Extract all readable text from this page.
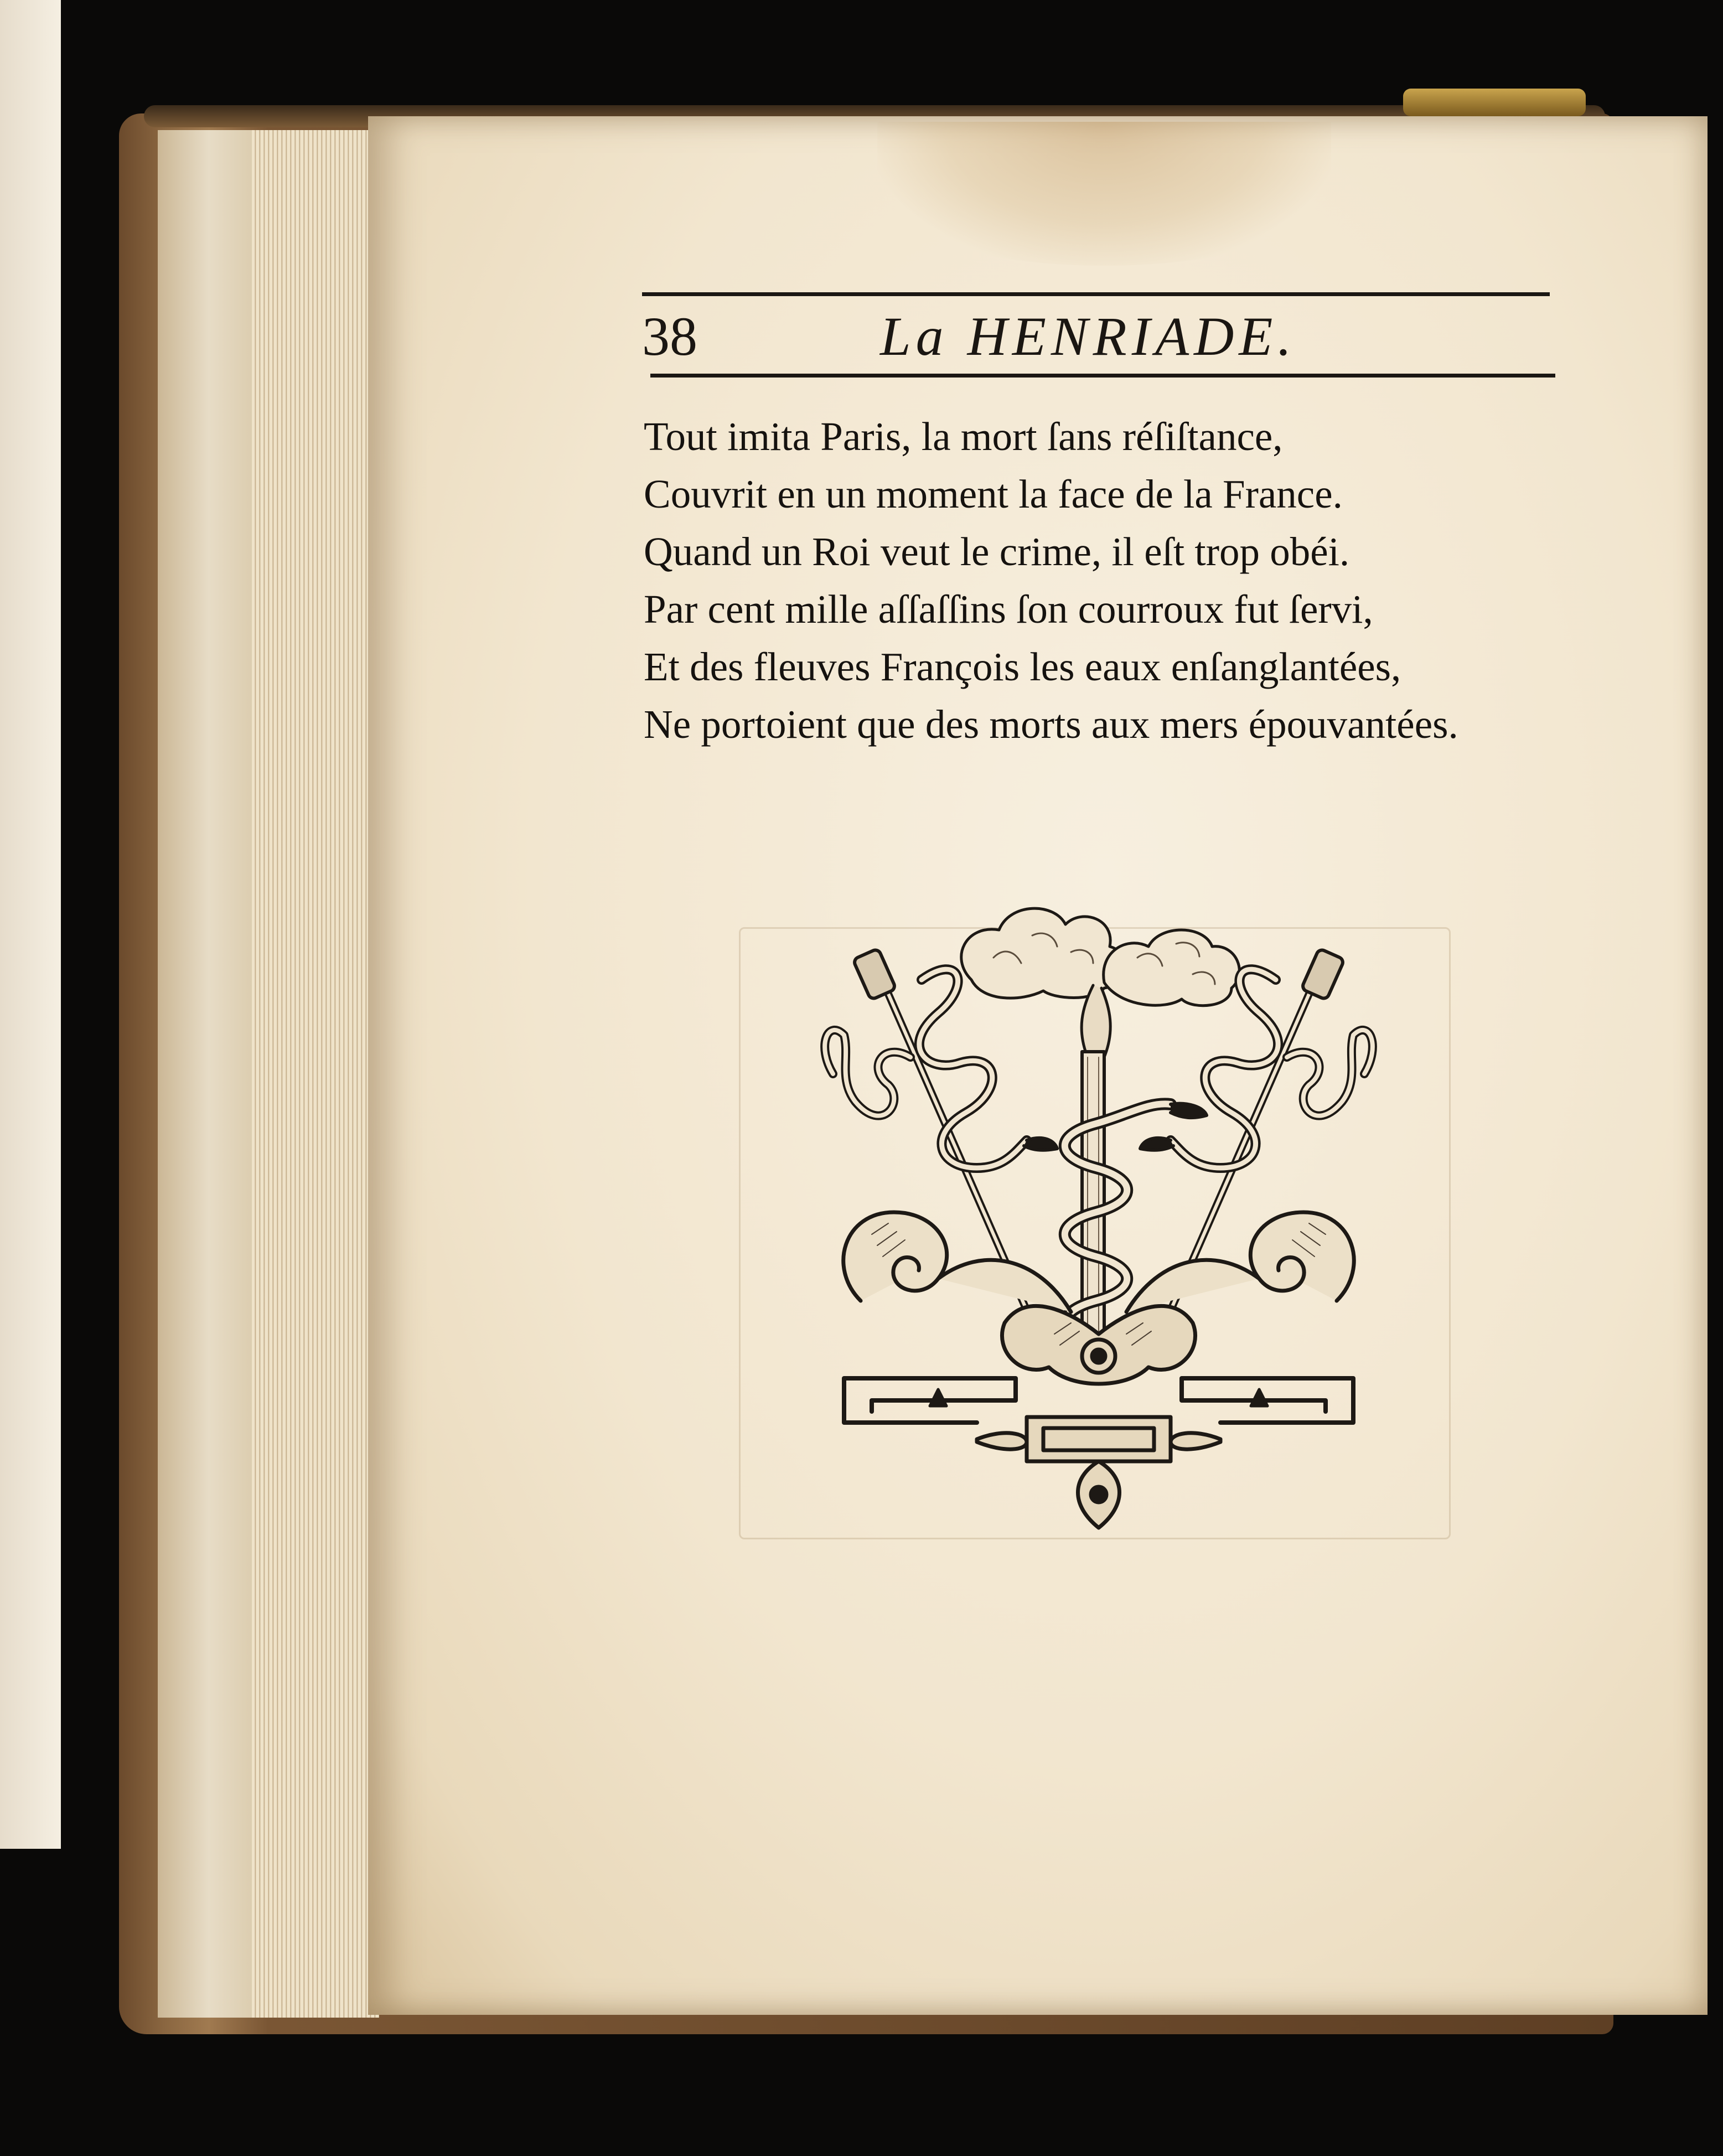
38	La HENRIADE.
Tout imita Paris, la mort ſans réſiſtance,
Couvrit en un moment la face de la France.
Quand un Roi veut le crime, il eſt trop obéi.
Par cent mille aſſaſſins ſon courroux fut ſervi,
Et des fleuves François les eaux enſanglantées,
Ne portoient que des morts aux mers épouvantées.
